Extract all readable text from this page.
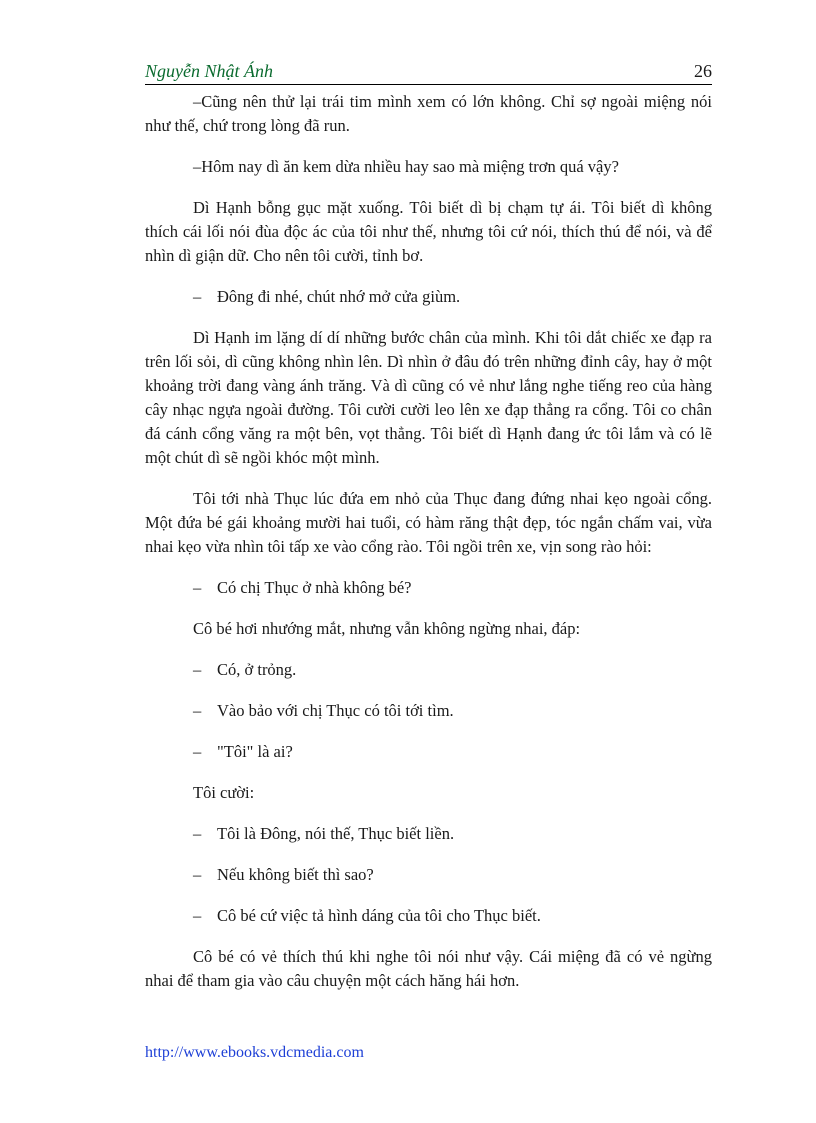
Nguyễn Nhật Ánh	26

–Cũng nên thử lại trái tim mình xem có lớn không. Chỉ sợ ngoài miệng nói như thế, chứ trong lòng đã run.

–Hôm nay dì ăn kem dừa nhiều hay sao mà miệng trơn quá vậy?

Dì Hạnh bỗng gục mặt xuống. Tôi biết dì bị chạm tự ái. Tôi biết dì không thích cái lối nói đùa độc ác của tôi như thế, nhưng tôi cứ nói, thích thú để nói, và để nhìn dì giận dữ. Cho nên tôi cười, tỉnh bơ.

– Đông đi nhé, chút nhớ mở cửa giùm.

Dì Hạnh im lặng dí dí những bước chân của mình. Khi tôi dắt chiếc xe đạp ra trên lối sỏi, dì cũng không nhìn lên. Dì nhìn ở đâu đó trên những đỉnh cây, hay ở một khoảng trời đang vàng ánh trăng. Và dì cũng có vẻ như lắng nghe tiếng reo của hàng cây nhạc ngựa ngoài đường. Tôi cười cười leo lên xe đạp thẳng ra cổng. Tôi co chân đá cánh cổng văng ra một bên, vọt thẳng. Tôi biết dì Hạnh đang ức tôi lắm và có lẽ một chút dì sẽ ngồi khóc một mình.

Tôi tới nhà Thục lúc đứa em nhỏ của Thục đang đứng nhai kẹo ngoài cổng. Một đứa bé gái khoảng mười hai tuổi, có hàm răng thật đẹp, tóc ngắn chấm vai, vừa nhai kẹo vừa nhìn tôi tấp xe vào cổng rào. Tôi ngồi trên xe, vịn song rào hỏi:

– Có chị Thục ở nhà không bé?

Cô bé hơi nhướng mắt, nhưng vẫn không ngừng nhai, đáp:

– Có, ở trỏng.

– Vào bảo với chị Thục có tôi tới tìm.

– "Tôi" là ai?

Tôi cười:

– Tôi là Đông, nói thế, Thục biết liền.

– Nếu không biết thì sao?

– Cô bé cứ việc tả hình dáng của tôi cho Thục biết.

Cô bé có vẻ thích thú khi nghe tôi nói như vậy. Cái miệng đã có vẻ ngừng nhai để tham gia vào câu chuyện một cách hăng hái hơn.

http://www.ebooks.vdcmedia.com
